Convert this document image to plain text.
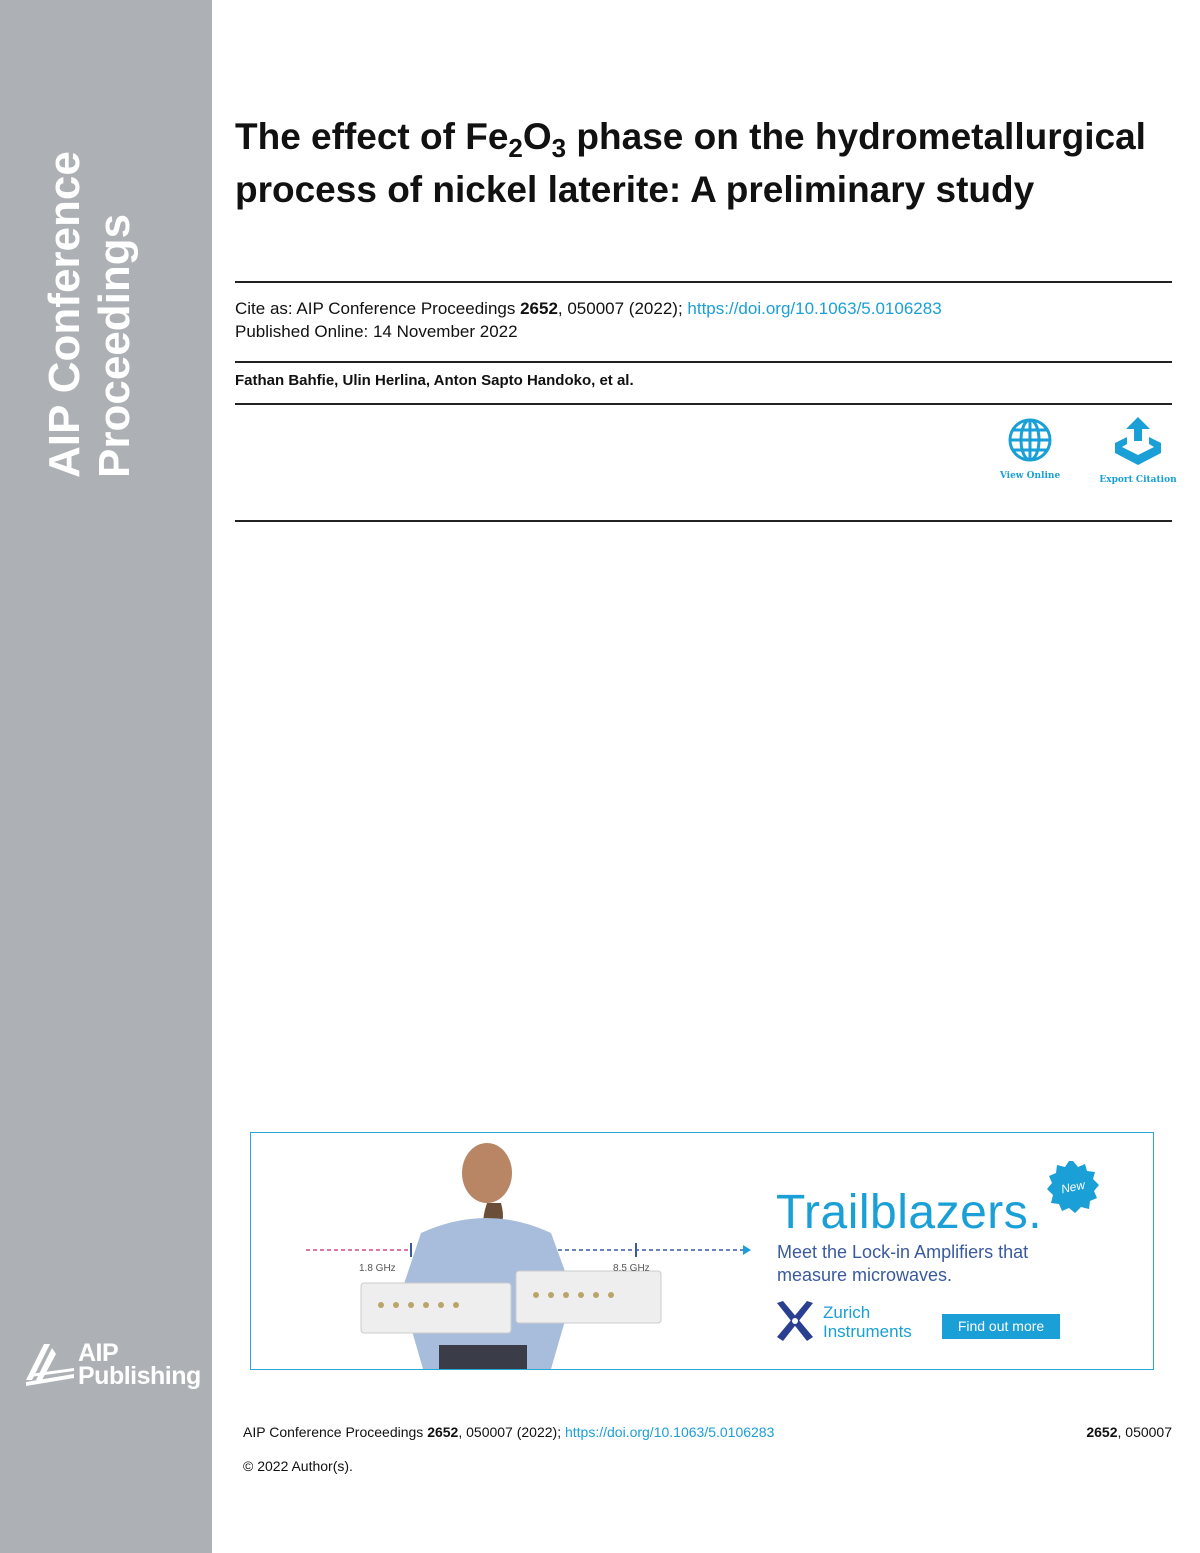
AIP Conference Proceedings
AIP
Publishing
The effect of $Fe_2O_3$ phase on the hydrometallurgical process of nickel laterite: A preliminary study
Cite as: AIP Conference Proceedings 2652, 050007 (2022); https://doi.org/10.1063/5.0106283
Published Online: 14 November 2022
Fathan Bahfie, Ulin Herlina, Anton Sapto Handoko, et al.
View Online	Export Citation
1.8 GHz	8.5 GHz
New
Trailblazers.
Meet the Lock-in Amplifiers that measure microwaves.
Zurich
Instruments	Find out more
AIP Conference Proceedings 2652, 050007 (2022); https://doi.org/10.1063/5.0106283	2652, 050007
© 2022 Author(s).
